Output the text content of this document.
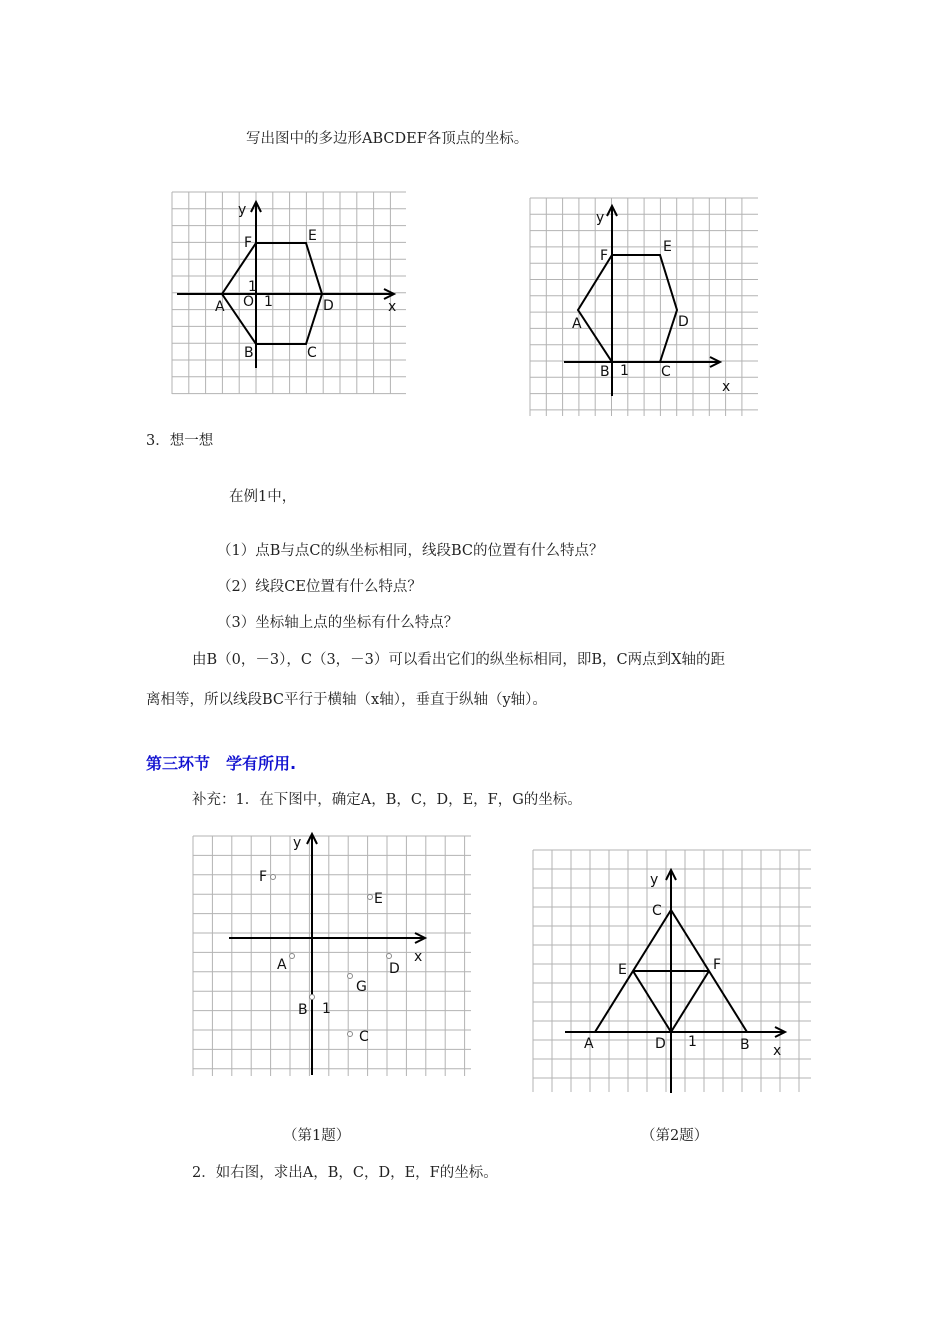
写出图中的多边形ABCDEF各顶点的坐标。
y
x
F	E
1
O 1
A	D
B	C
y
F
E
A	D
B 1 C
x
3．想一想
在例1中，
（1）点B与点C的纵坐标相同，线段BC的位置有什么特点？
（2）线段CE位置有什么特点？
（3）坐标轴上点的坐标有什么特点？
由B（0，－3），C（3，－3）可以看出它们的纵坐标相同，即B，C两点到X轴的距
离相等，所以线段BC平行于横轴（x轴），垂直于纵轴（y轴）。
第三环节　学有所用.
补充：1．在下图中，确定A，B，C，D，E，F，G的坐标。
y
F
E
A	x
D
G
B 1
C
y
C
E	F
A	D 1	B x
（第1题）	（第2题）
2．如右图，求出A，B，C，D，E，F的坐标。
